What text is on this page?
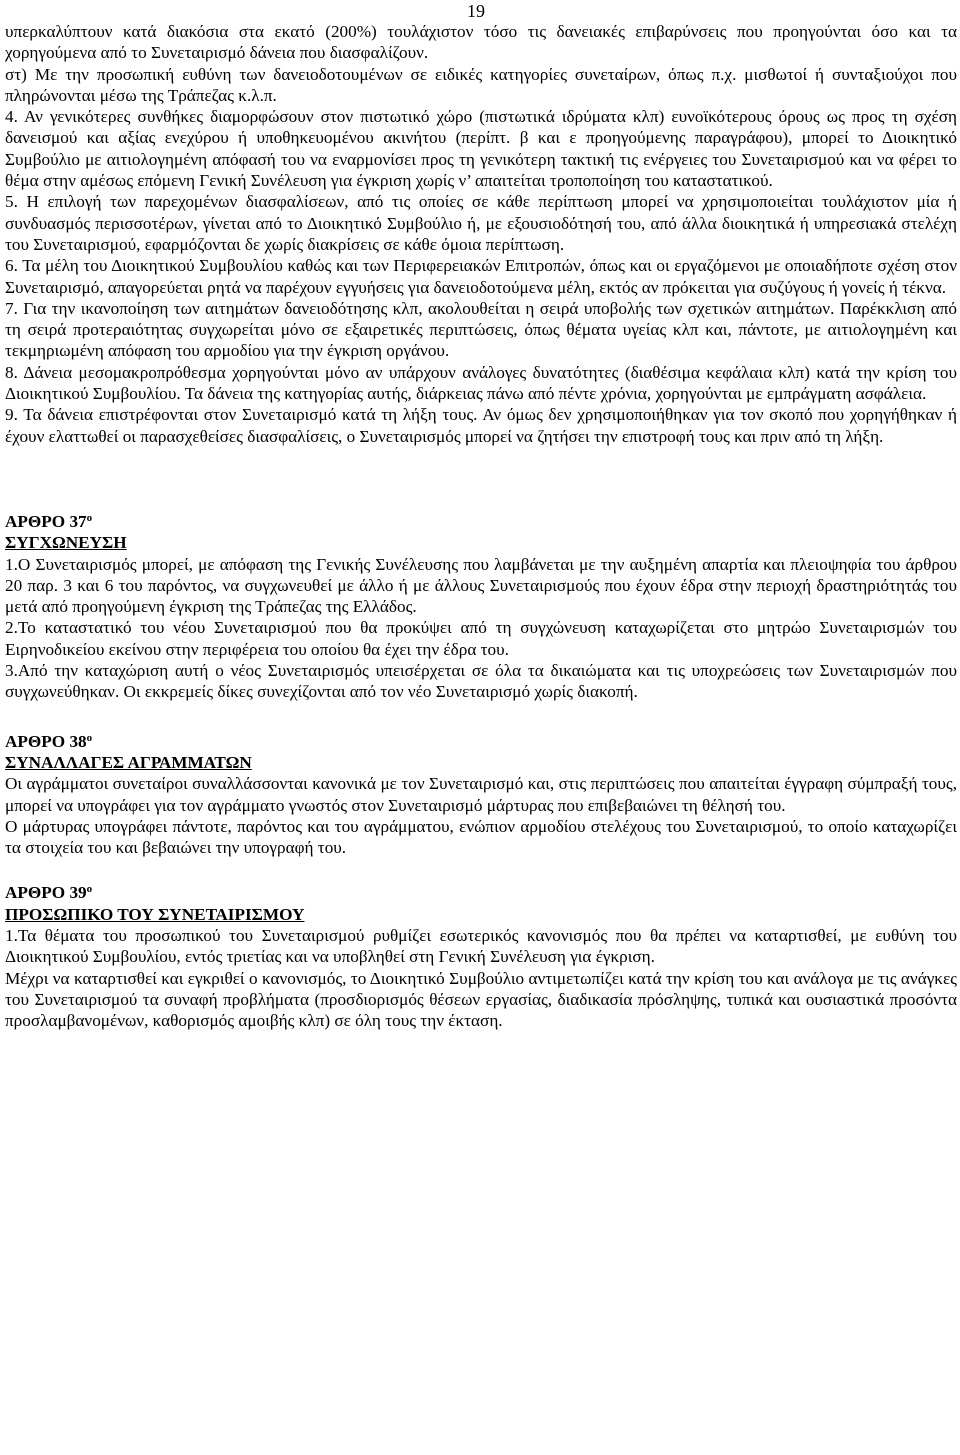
19

υπερκαλύπτουν κατά διακόσια στα εκατό (200%) τουλάχιστον τόσο τις δανειακές επιβαρύνσεις που προηγούνται όσο και τα χορηγούμενα από το Συνεταιρισμό δάνεια που διασφαλίζουν.

στ) Με την προσωπική ευθύνη των δανειοδοτουμένων σε ειδικές κατηγορίες συνεταίρων, όπως π.χ. μισθωτοί ή συνταξιούχοι που πληρώνονται μέσω της Τράπεζας κ.λ.π.

4. Αν γενικότερες συνθήκες διαμορφώσουν στον πιστωτικό χώρο (πιστωτικά ιδρύματα κλπ) ευνοϊκότερους όρους ως προς τη σχέση δανεισμού και αξίας ενεχύρου ή υποθηκευομένου ακινήτου (περίπτ. β και ε προηγούμενης παραγράφου), μπορεί το Διοικητικό Συμβούλιο με αιτιολογημένη απόφασή του να εναρμονίσει προς τη γενικότερη τακτική τις ενέργειες του Συνεταιρισμού και να φέρει το θέμα στην αμέσως επόμενη Γενική Συνέλευση για έγκριση χωρίς ν’ απαιτείται τροποποίηση του καταστατικού.

5. Η επιλογή των παρεχομένων διασφαλίσεων, από τις οποίες σε κάθε περίπτωση μπορεί να χρησιμοποιείται τουλάχιστον μία ή συνδυασμός περισσοτέρων, γίνεται από το Διοικητικό Συμβούλιο ή, με εξουσιοδότησή του, από άλλα διοικητικά ή υπηρεσιακά στελέχη του Συνεταιρισμού, εφαρμόζονται δε χωρίς διακρίσεις σε κάθε όμοια περίπτωση.

6. Τα μέλη του Διοικητικού Συμβουλίου καθώς και των Περιφερειακών Επιτροπών, όπως και οι εργαζόμενοι με οποιαδήποτε σχέση στον Συνεταιρισμό, απαγορεύεται ρητά να παρέχουν εγγυήσεις για δανειοδοτούμενα μέλη, εκτός αν πρόκειται για συζύγους ή γονείς ή τέκνα.

7. Για την ικανοποίηση των αιτημάτων δανειοδότησης κλπ, ακολουθείται η σειρά υποβολής των σχετικών αιτημάτων. Παρέκκλιση από τη σειρά προτεραιότητας συγχωρείται μόνο σε εξαιρετικές περιπτώσεις, όπως θέματα υγείας κλπ και, πάντοτε, με αιτιολογημένη και τεκμηριωμένη απόφαση του αρμοδίου για την έγκριση οργάνου.

8. Δάνεια μεσομακροπρόθεσμα χορηγούνται μόνο αν υπάρχουν ανάλογες δυνατότητες (διαθέσιμα κεφάλαια κλπ) κατά την κρίση του Διοικητικού Συμβουλίου. Τα δάνεια της κατηγορίας αυτής, διάρκειας πάνω από πέντε χρόνια, χορηγούνται με εμπράγματη ασφάλεια.

9. Τα δάνεια επιστρέφονται στον Συνεταιρισμό κατά τη λήξη τους. Αν όμως δεν χρησιμοποιήθηκαν για τον σκοπό που χορηγήθηκαν ή έχουν ελαττωθεί οι παρασχεθείσες διασφαλίσεις, ο Συνεταιρισμός μπορεί να ζητήσει την επιστροφή τους και πριν από τη λήξη.

ΑΡΘΡΟ $37^o$

ΣΥΓΧΩΝΕΥΣΗ

1.Ο Συνεταιρισμός μπορεί, με απόφαση της Γενικής Συνέλευσης που λαμβάνεται με την αυξημένη απαρτία και πλειοψηφία του άρθρου 20 παρ. 3 και 6 του παρόντος, να συγχωνευθεί με άλλο ή με άλλους Συνεταιρισμούς που έχουν έδρα στην περιοχή δραστηριότητάς του μετά από προηγούμενη έγκριση της Τράπεζας της Ελλάδος.

2.Το καταστατικό του νέου Συνεταιρισμού που θα προκύψει από τη συγχώνευση καταχωρίζεται στο μητρώο Συνεταιρισμών του Ειρηνοδικείου εκείνου στην περιφέρεια του οποίου θα έχει την έδρα του.

3.Από την καταχώριση αυτή ο νέος Συνεταιρισμός υπεισέρχεται σε όλα τα δικαιώματα και τις υποχρεώσεις των Συνεταιρισμών που συγχωνεύθηκαν. Οι εκκρεμείς δίκες συνεχίζονται από τον νέο Συνεταιρισμό χωρίς διακοπή.

ΑΡΘΡΟ $38^o$

ΣΥΝΑΛΛΑΓΕΣ ΑΓΡΑΜΜΑΤΩΝ

Οι αγράμματοι συνεταίροι συναλλάσσονται κανονικά με τον Συνεταιρισμό και, στις περιπτώσεις που απαιτείται έγγραφη σύμπραξή τους, μπορεί να υπογράφει για τον αγράμματο γνωστός στον Συνεταιρισμό μάρτυρας που επιβεβαιώνει τη θέλησή του.

Ο μάρτυρας υπογράφει πάντοτε, παρόντος και του αγράμματου, ενώπιον αρμοδίου στελέχους του Συνεταιρισμού, το οποίο καταχωρίζει τα στοιχεία του και βεβαιώνει την υπογραφή του.

ΑΡΘΡΟ $39^o$

ΠΡΟΣΩΠΙΚΟ ΤΟΥ ΣΥΝΕΤΑΙΡΙΣΜΟΥ

1.Τα θέματα του προσωπικού του Συνεταιρισμού ρυθμίζει εσωτερικός κανονισμός που θα πρέπει να καταρτισθεί, με ευθύνη του Διοικητικού Συμβουλίου, εντός τριετίας και να υποβληθεί στη Γενική Συνέλευση για έγκριση.

Μέχρι να καταρτισθεί και εγκριθεί ο κανονισμός, το Διοικητικό Συμβούλιο αντιμετωπίζει κατά την κρίση του και ανάλογα με τις ανάγκες του Συνεταιρισμού τα συναφή προβλήματα (προσδιορισμός θέσεων εργασίας, διαδικασία πρόσληψης, τυπικά και ουσιαστικά προσόντα προσλαμβανομένων, καθορισμός αμοιβής κλπ) σε όλη τους την έκταση.
